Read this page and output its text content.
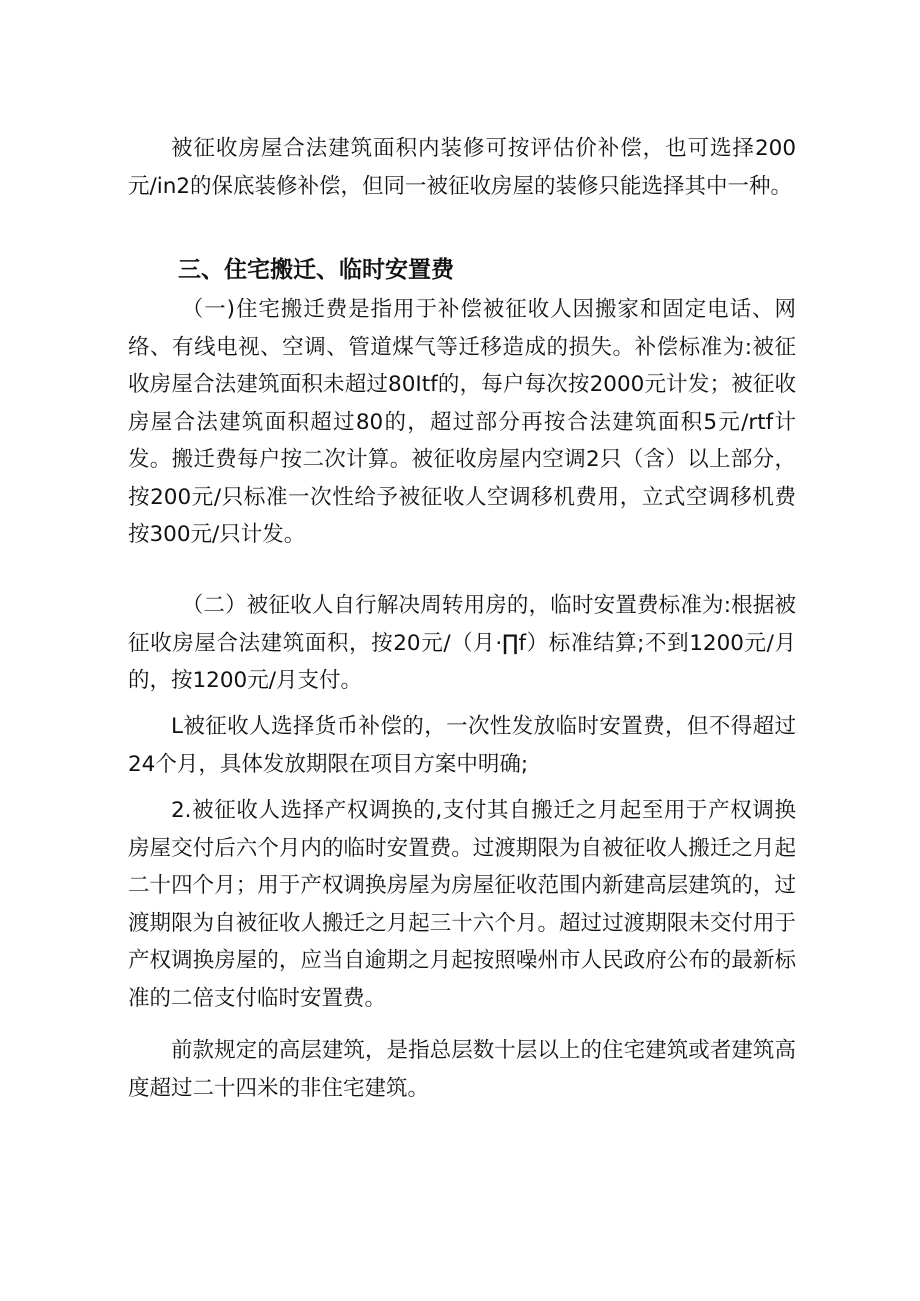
被征收房屋合法建筑面积内装修可按评估价补偿，也可选择200元/in2的保底装修补偿，但同一被征收房屋的装修只能选择其中一种。

三、住宅搬迁、临时安置费

（一)住宅搬迁费是指用于补偿被征收人因搬家和固定电话、网络、有线电视、空调、管道煤气等迁移造成的损失。补偿标准为:被征收房屋合法建筑面积未超过80Itf的，每户每次按2000元计发；被征收房屋合法建筑面积超过80的，超过部分再按合法建筑面积5元/rtf计发。搬迁费每户按二次计算。被征收房屋内空调2只（含）以上部分，按200元/只标准一次性给予被征收人空调移机费用，立式空调移机费按300元/只计发。

（二）被征收人自行解决周转用房的，临时安置费标准为:根据被征收房屋合法建筑面积，按20元/（月·∏f）标准结算;不到1200元/月的，按1200元/月支付。

L被征收人选择货币补偿的，一次性发放临时安置费，但不得超过24个月，具体发放期限在项目方案中明确;

2.被征收人选择产权调换的,支付其自搬迁之月起至用于产权调换房屋交付后六个月内的临时安置费。过渡期限为自被征收人搬迁之月起二十四个月；用于产权调换房屋为房屋征收范围内新建高层建筑的，过渡期限为自被征收人搬迁之月起三十六个月。超过过渡期限未交付用于产权调换房屋的，应当自逾期之月起按照噪州市人民政府公布的最新标准的二倍支付临时安置费。

前款规定的高层建筑，是指总层数十层以上的住宅建筑或者建筑高度超过二十四米的非住宅建筑。
